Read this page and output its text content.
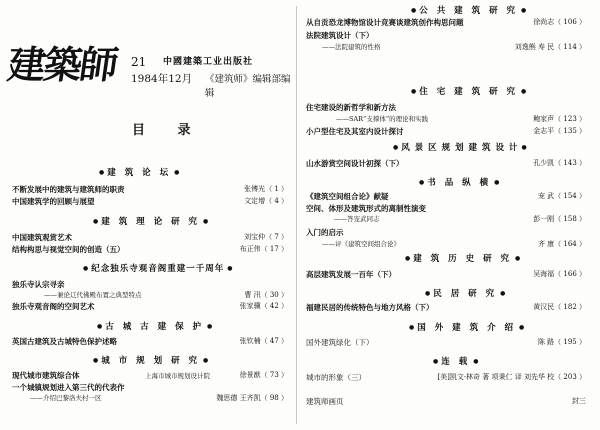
建築師 21 中國建築工业出版社
1984年12月 《建筑师》编辑部编辑
目 录
● 建 筑 论 坛 ●
不断发展中的建筑与建筑师的职责	张镈光（ 1 ）
中国建筑学的回顾与展望	文定增（ 4 ）
● 建 筑 理 论 研 究 ●
中国建筑观赏艺术	刘宝仲（ 7 ）
结构构思与视觉空间的创造（五）	布正伟（ 17 ）
● 纪念独乐寺观音阁重建一千周年 ●
独乐寺认宗寻亲
——兼论辽代佛殿布置之典型特点	曹 汛（ 30 ）
独乐寺观音阁的空间艺术	张家骥（ 42 ）
● 古 城 古 建 保 护 ●
英国古建筑及古城特色保护述略	张钦楠（ 47 ）
● 城 市 规 划 研 究 ●
现代城市建筑综合体	上海市城市规划设计院	徐景猷（ 73 ）
一个城镇规划进入第三代的代表作
——介绍巴黎洛夫村一区	魏思德 王齐凯（ 98 ）
● 公 共 建 筑 研 究 ●
从自贡恐龙博物馆设计竞赛谈建筑创作构思问题	徐尚志（ 106 ）
法院建筑设计（下）
——法院建筑的性格	刘逸熊 寿 民（ 114 ）
● 住 宅 建 筑 研 究 ●
住宅建设的新哲学和新方法
——SAR“支撑体”的理论和实践	鲍家声（ 123 ）
小户型住宅及其室内设计探讨	金志平（ 135 ）
● 风 景 区 规 划 建 筑 设 计 ●
山水游赏空间设计初探（下）	孔少凯（ 143 ）
● 书 品 纵 横 ●
《建筑空间组合论》献疑	宠 武（ 154 ）
空间、体形及建筑形式的离制性演变
——答宠武同志	彭一刚（ 158 ）
入门的启示
——评《建筑空间组合论》	齐 康（ 164 ）
● 建 筑 历 史 研 究 ●
高层建筑发展一百年（下）	吴海福（ 166 ）
● 民 居 研 究 ●
福建民居的传统特色与地方风格（下）	黄汉民（ 182 ）
● 国 外 建 筑 介 绍 ●
国外建筑绿化（下）	陈 路（ 195 ）
● 连 载 ●
城市的形象（三）	[美]凯文·林奇 著 项秉仁 译 刘先华 校（ 203 ）
建筑师画页	封三
